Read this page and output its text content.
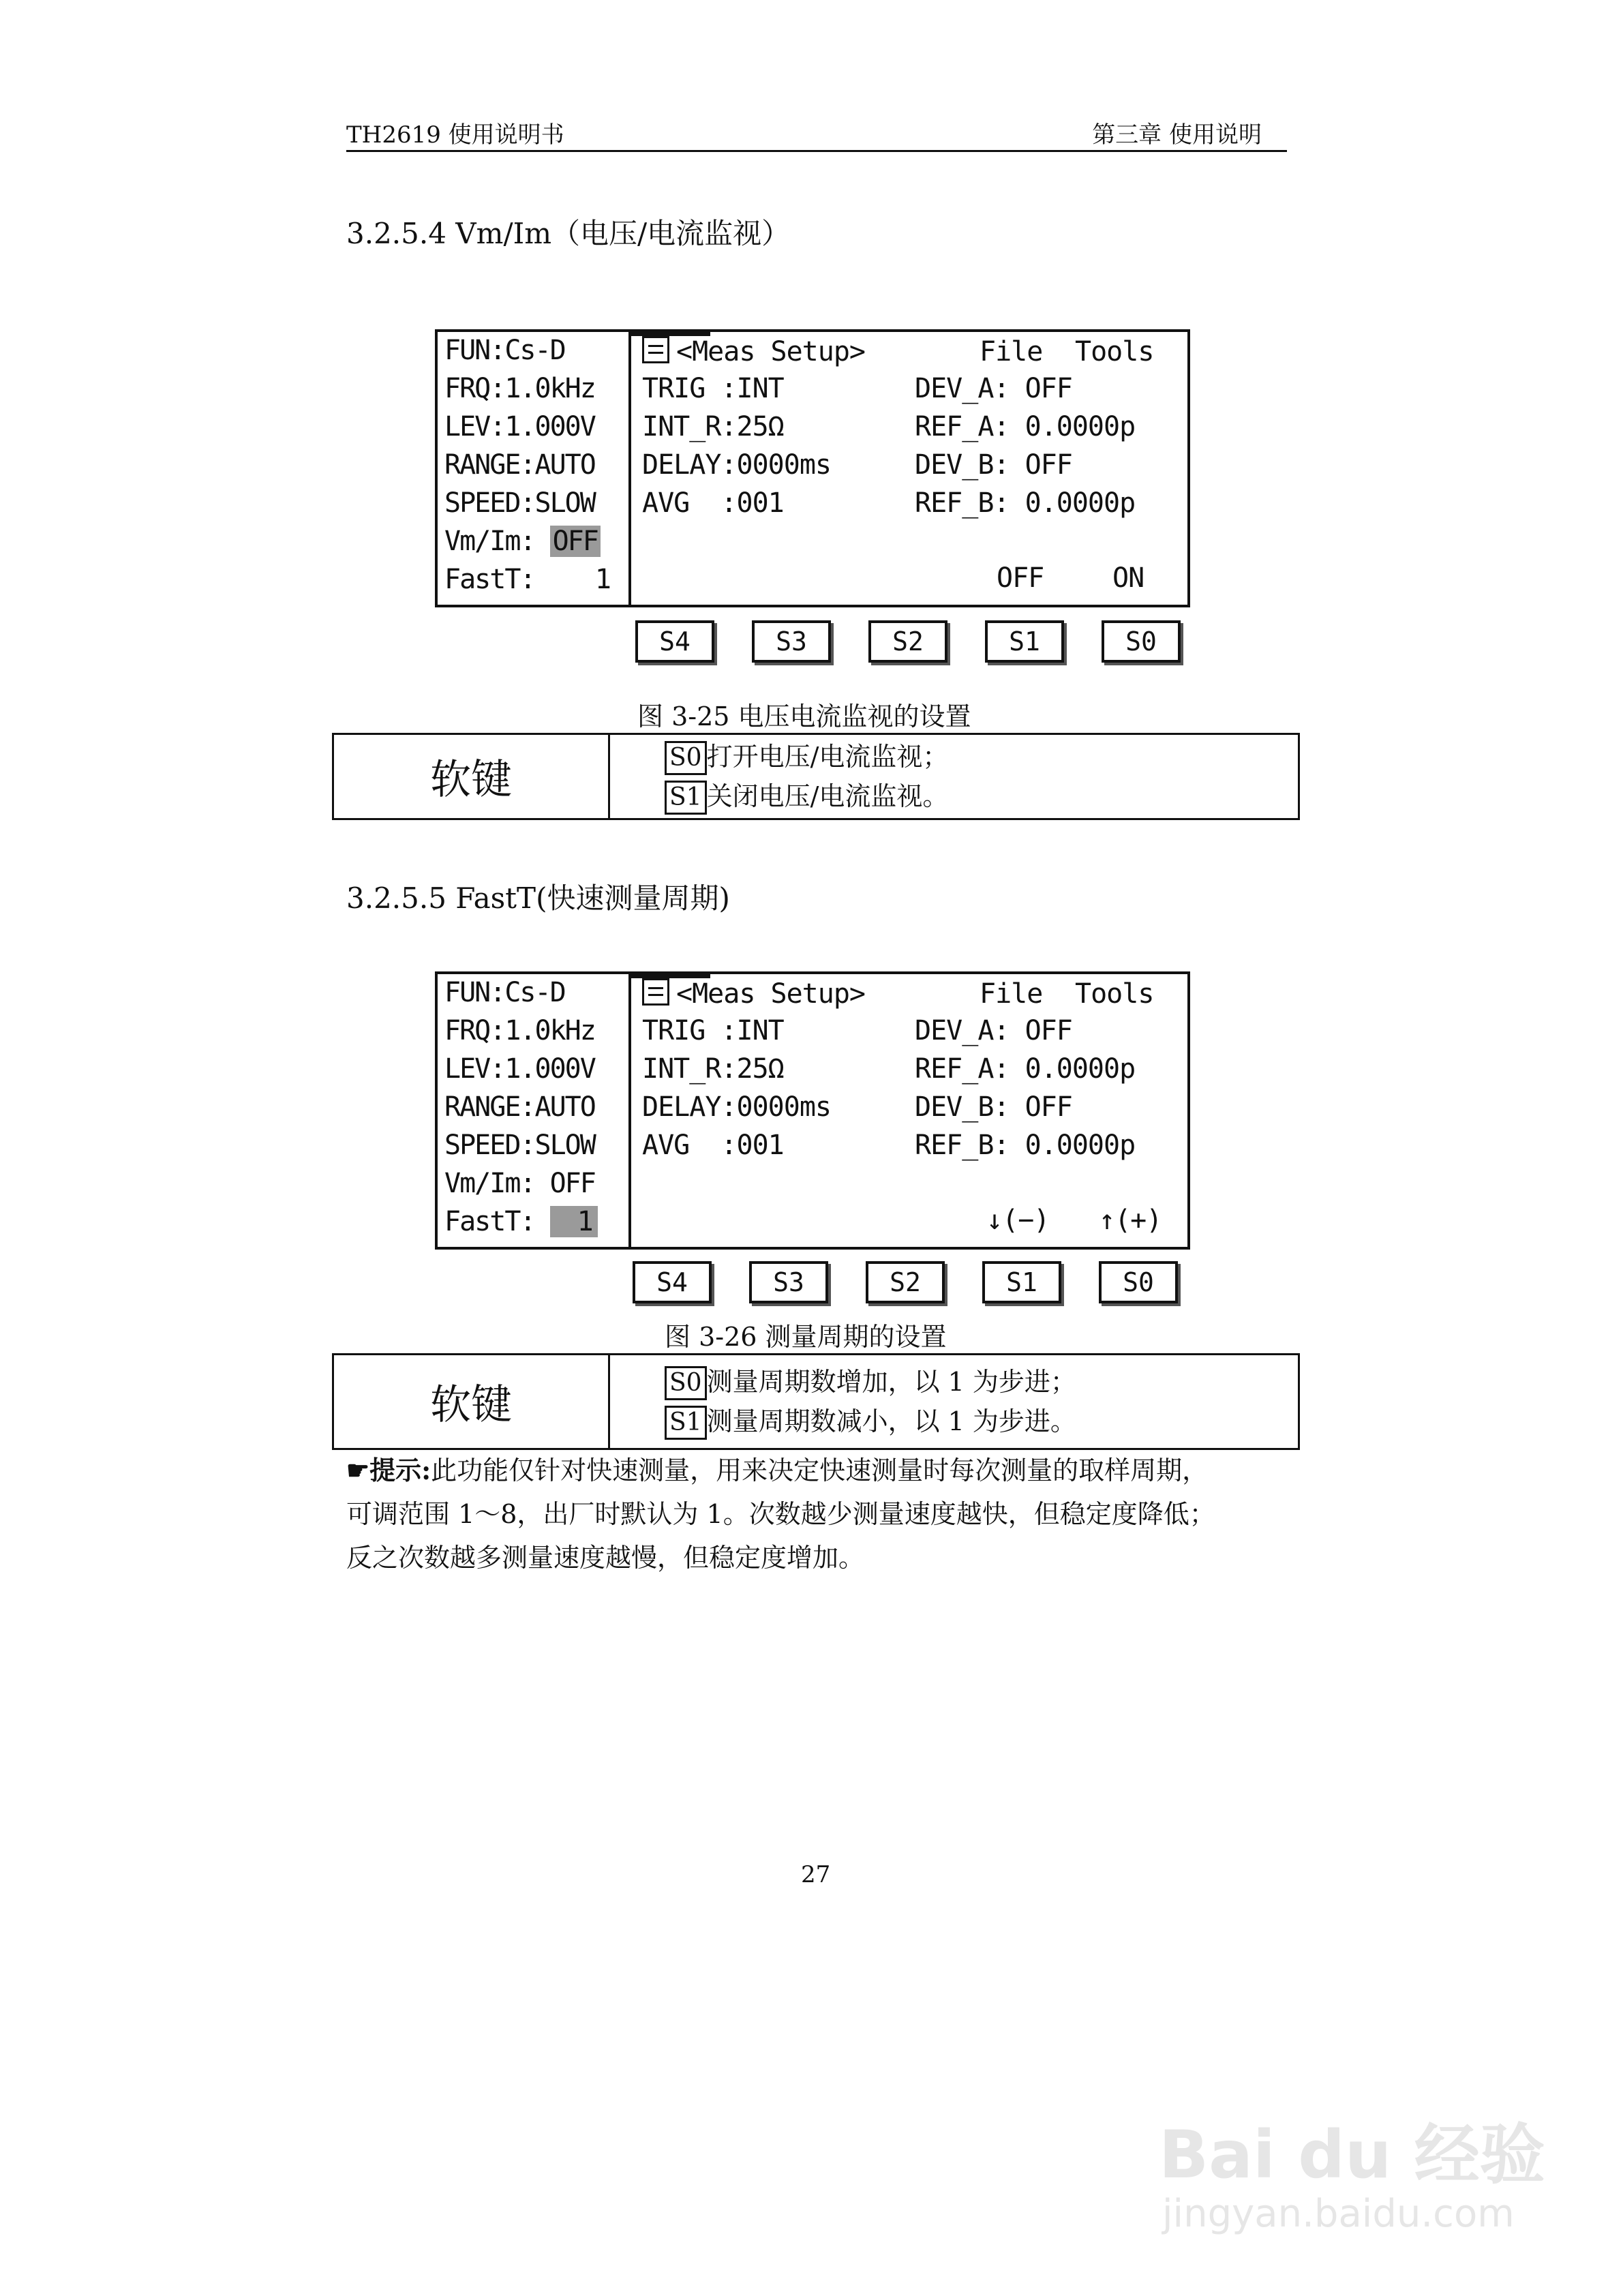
TH2619 使用说明书	第三章 使用说明
3.2.5.4 Vm/Im（电压/电流监视）
FUN:Cs-D
FRQ:1.0kHz
LEV:1.000V
RANGE:AUTO
SPEED:SLOW
Vm/Im: OFF
FastT: 1
<Meas Setup>	File Tools
TRIG :INT
INT_R:25Ω
DELAY:0000ms
AVG  :001
DEV_A: OFF
REF_A: 0.0000p
DEV_B: OFF
REF_B: 0.0000p
OFF	ON
S4	S3	S2	S1	S0
图 3-25 电压电流监视的设置
软键	S0 打开电压/电流监视；
S1 关闭电压/电流监视。
3.2.5.5 FastT(快速测量周期)
FUN:Cs-D
FRQ:1.0kHz
LEV:1.000V
RANGE:AUTO
SPEED:SLOW
Vm/Im: OFF
FastT: 1
<Meas Setup>	File Tools
TRIG :INT
INT_R:25Ω
DELAY:0000ms
AVG  :001
DEV_A: OFF
REF_A: 0.0000p
DEV_B: OFF
REF_B: 0.0000p
↓(−) ↑(+)
S4	S3	S2	S1	S0
图 3-26 测量周期的设置
软键	S0 测量周期数增加，以 1 为步进；
S1 测量周期数减小，以 1 为步进。
☛提示:此功能仅针对快速测量，用来决定快速测量时每次测量的取样周期，
可调范围 1～8，出厂时默认为 1。次数越少测量速度越快，但稳定度降低；
反之次数越多测量速度越慢，但稳定度增加。
27
Bai du 经验
jingyan.baidu.com
